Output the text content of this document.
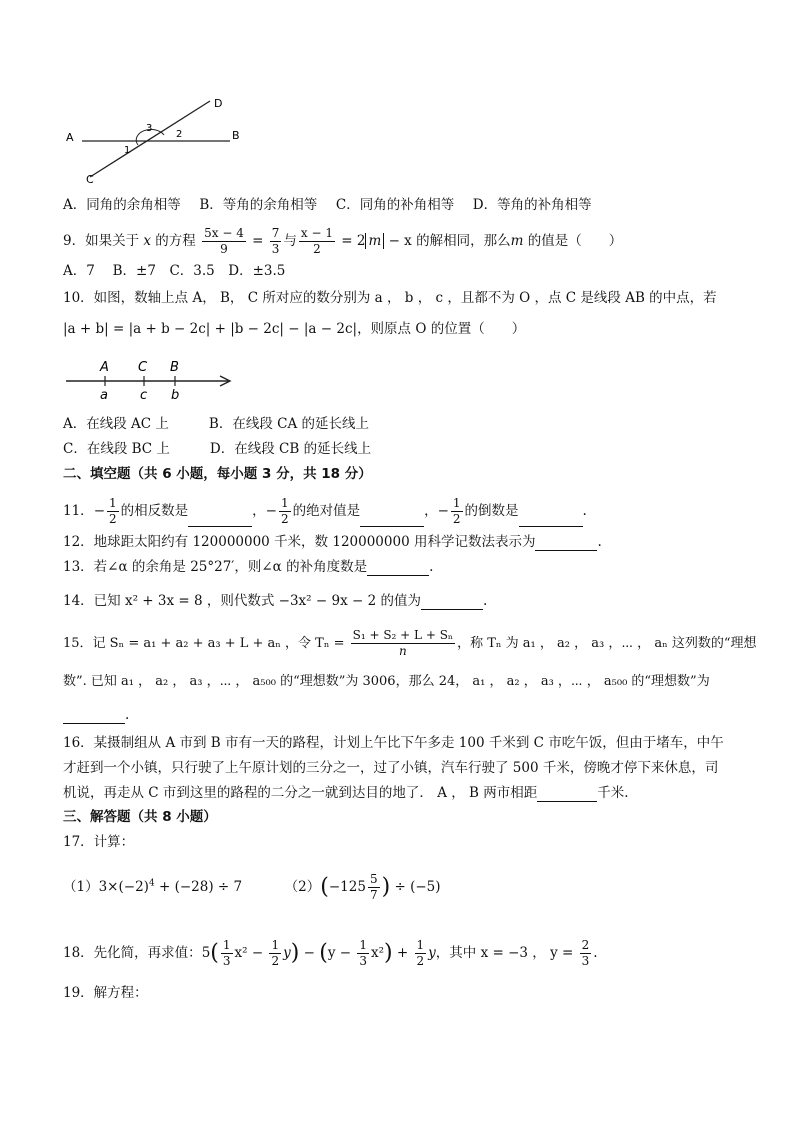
A	B
C
D
1
2
3
A．同角的余角相等 B．等角的余角相等 C．同角的补角相等 D．等角的补角相等
9．如果关于 x 的方程 $\frac{5x - 4}{9} = \frac{7}{3}$ 与 $\frac{x - 1}{2} = 2$ m − x 的解相同，那么m 的值是（　　）
A．7　 B．±7　C．3.5　D．±3.5
10．如图，数轴上点 A， B， C 所对应的数分别为 a ， b ， c ，且都不为 O ，点 C 是线段 AB 的中点，若
|a + b| = |a + b − 2c| + |b − 2c| − |a − 2c|，则原点 O 的位置（　　）
A C B
a c b
A．在线段 AC 上	B．在线段 CA 的延长线上
C．在线段 BC 上	D．在线段 CB 的延长线上
二、填空题（共 6 小题，每小题 3 分，共 18 分）
11．− $\frac{1}{2}$ 的相反数是	，− $\frac{1}{2}$ 的绝对值是	，− $\frac{1}{2}$ 的倒数是	.
12．地球距太阳约有 120000000 千米，数 120000000 用科学记数法表示为	.
13．若∠α 的余角是 25°27′，则∠α 的补角度数是	.
14．已知 x² + 3x = 8 ，则代数式 −3x² − 9x − 2 的值为	.
15．记 Sₙ = a₁ + a₂ + a₃ + L + aₙ ，令 $T_n = \frac{\text{S₁ + S₂ + L + Sₙ}}{n}$ ，称 Tₙ 为 a₁ ， a₂ ， a₃ ，⋯ ， aₙ 这列数的“理想
数”. 已知 a₁ ， a₂ ， a₃ ，⋯ ， a₅₀₀ 的“理想数”为 3006，那么 24， a₁ ， a₂ ， a₃ ，⋯ ， a₅₀₀ 的“理想数”为
.
16．某摄制组从 A 市到 B 市有一天的路程，计划上午比下午多走 100 千米到 C 市吃午饭，但由于堵车，中午
才赶到一个小镇，只行驶了上午原计划的三分之一，过了小镇，汽车行驶了 500 千米，傍晚才停下来休息，司
机说，再走从 C 市到这里的路程的二分之一就到达目的地了． A ， B 两市相距	千米.
三、解答题（共 8 小题）
17．计算：
$(1)3\times(-2)^4 + (-28) \div 7$	$(2)(-125 \frac{5}{7}$ ) ÷ (−5)
18．先化简，再求值：$5( \frac{1}{3} x^2 - \frac{1}{2} y) - (y - \frac{1}{3} x^2) + \frac{1}{2}$ y，其中 x = −3 ， $y = \frac{2}{3}$ .
19．解方程：
